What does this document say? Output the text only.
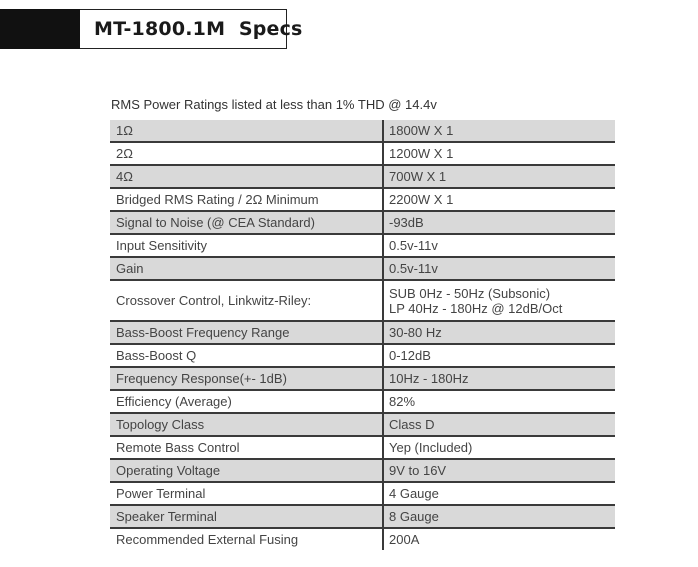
MT-1800.1M  Specs
RMS Power Ratings listed at less than 1% THD @ 14.4v
1Ω	1800W X 1
2Ω	1200W X 1
4Ω	700W X 1
Bridged RMS Rating / 2Ω Minimum	2200W X 1
Signal to Noise (@ CEA Standard)	-93dB
Input Sensitivity	0.5v-11v
Gain	0.5v-11v
Crossover Control, Linkwitz-Riley:	SUB 0Hz - 50Hz (Subsonic)
LP 40Hz - 180Hz @ 12dB/Oct

Bass-Boost Frequency Range	30-80 Hz
Bass-Boost Q	0-12dB
Frequency Response(+- 1dB)	10Hz - 180Hz
Efficiency (Average)	82%
Topology Class	Class D
Remote Bass Control	Yep (Included)
Operating Voltage	9V to 16V
Power Terminal	4 Gauge
Speaker Terminal	8 Gauge
Recommended External Fusing	200A
